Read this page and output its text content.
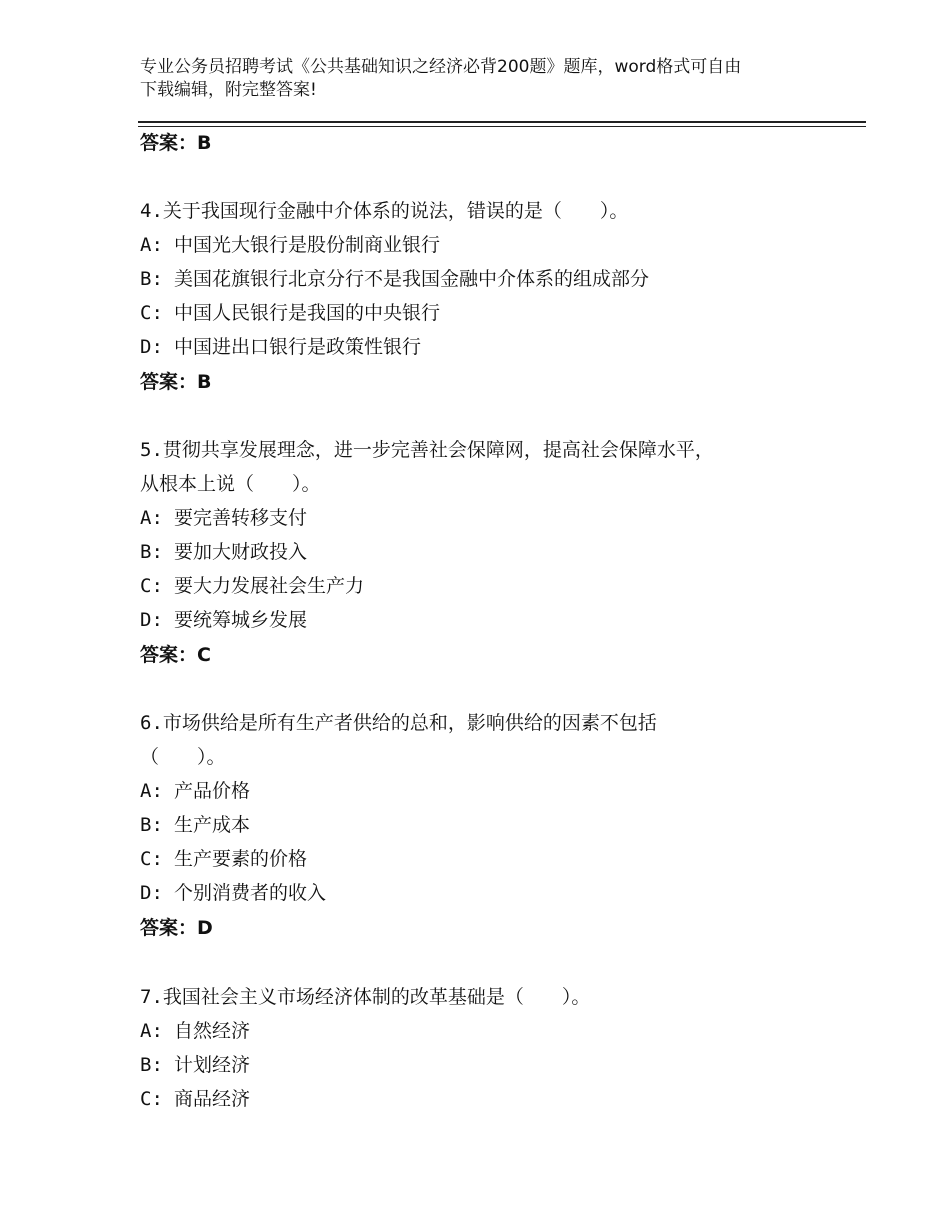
专业公务员招聘考试《公共基础知识之经济必背200题》题库，word格式可自由
下载编辑，附完整答案!
答案：B
4.关于我国现行金融中介体系的说法，错误的是（　　）。
A: 中国光大银行是股份制商业银行
B: 美国花旗银行北京分行不是我国金融中介体系的组成部分
C: 中国人民银行是我国的中央银行
D: 中国进出口银行是政策性银行
答案：B
5.贯彻共享发展理念，进一步完善社会保障网，提高社会保障水平，
从根本上说（　　）。
A: 要完善转移支付
B: 要加大财政投入
C: 要大力发展社会生产力
D: 要统筹城乡发展
答案：C
6.市场供给是所有生产者供给的总和，影响供给的因素不包括
（　　）。
A: 产品价格
B: 生产成本
C: 生产要素的价格
D: 个别消费者的收入
答案：D
7.我国社会主义市场经济体制的改革基础是（　　）。
A: 自然经济
B: 计划经济
C: 商品经济
